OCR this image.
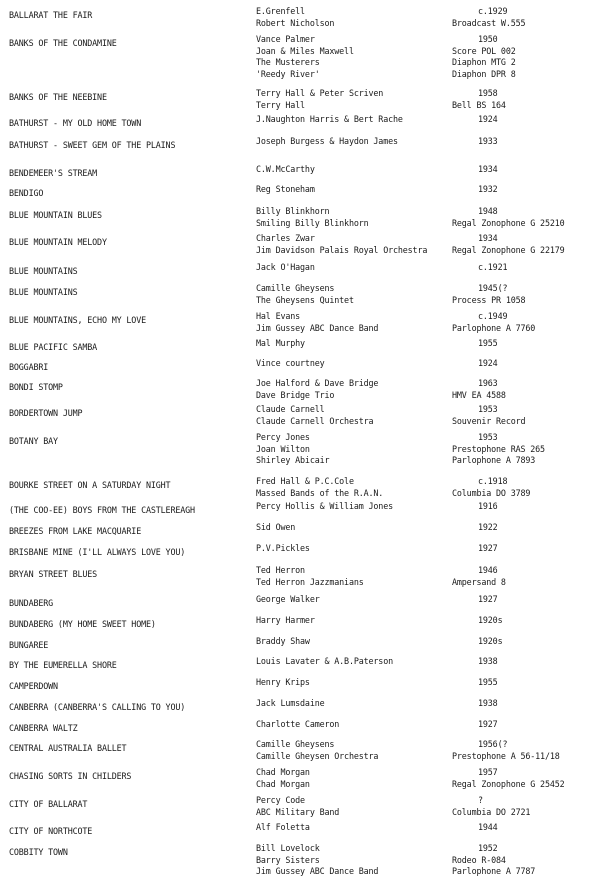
BALLARAT THE FAIR	E.Grenfell	c.1929
Robert Nicholson	Broadcast W.555
BANKS OF THE CONDAMINE	Vance Palmer	1950
Joan & Miles Maxwell	Score POL 002
The Musterers	Diaphon MTG 2
'Reedy River'	Diaphon DPR 8
BANKS OF THE NEEBINE	Terry Hall & Peter Scriven	1958
Terry Hall	Bell BS 164
BATHURST - MY OLD HOME TOWN	J.Naughton Harris & Bert Rache	1924
BATHURST - SWEET GEM OF THE PLAINS	Joseph Burgess & Haydon James	1933
BENDEMEER'S STREAM	C.W.McCarthy	1934
BENDIGO	Reg Stoneham	1932
BLUE MOUNTAIN BLUES	Billy Blinkhorn	1948
Smiling Billy Blinkhorn	Regal Zonophone G 25210
BLUE MOUNTAIN MELODY	Charles Zwar	1934
Jim Davidson Palais Royal Orchestra	Regal Zonophone G 22179
BLUE MOUNTAINS	Jack O'Hagan	c.1921
BLUE MOUNTAINS	Camille Gheysens	1945(?
The Gheysens Quintet	Process PR 1058
BLUE MOUNTAINS, ECHO MY LOVE	Hal Evans	c.1949
Jim Gussey ABC Dance Band	Parlophone A 7760
BLUE PACIFIC SAMBA	Mal Murphy	1955
BOGGABRI	Vince courtney	1924
BONDI STOMP	Joe Halford & Dave Bridge	1963
Dave Bridge Trio	HMV EA 4588
BORDERTOWN JUMP	Claude Carnell	1953
Claude Carnell Orchestra	Souvenir Record
BOTANY BAY	Percy Jones	1953
Joan Wilton	Prestophone RAS 265
Shirley Abicair	Parlophone A 7893
BOURKE STREET ON A SATURDAY NIGHT	Fred Hall & P.C.Cole	c.1918
Massed Bands of the R.A.N.	Columbia DO 3789
(THE COO-EE) BOYS FROM THE CASTLEREAGH	Percy Hollis & William Jones	1916
BREEZES FROM LAKE MACQUARIE	Sid Owen	1922
BRISBANE MINE (I'LL ALWAYS LOVE YOU)	P.V.Pickles	1927
BRYAN STREET BLUES	Ted Herron	1946
Ted Herron Jazzmanians	Ampersand 8
BUNDABERG	George Walker	1927
BUNDABERG (MY HOME SWEET HOME)	Harry Harmer	1920s
BUNGAREE	Braddy Shaw	1920s
BY THE EUMERELLA SHORE	Louis Lavater & A.B.Paterson	1938
CAMPERDOWN	Henry Krips	1955
CANBERRA (CANBERRA'S CALLING TO YOU)	Jack Lumsdaine	1938
CANBERRA WALTZ	Charlotte Cameron	1927
CENTRAL AUSTRALIA BALLET	Camille Gheysens	1956(?
Camille Gheysen Orchestra	Prestophone A 56-11/18
CHASING SORTS IN CHILDERS	Chad Morgan	1957
Chad Morgan	Regal Zonophone G 25452
CITY OF BALLARAT	Percy Code	?
ABC Military Band	Columbia DO 2721
CITY OF NORTHCOTE	Alf Foletta	1944
COBBITY TOWN	Bill Lovelock	1952
Barry Sisters	Rodeo R-084
Jim Gussey ABC Dance Band	Parlophone A 7787
